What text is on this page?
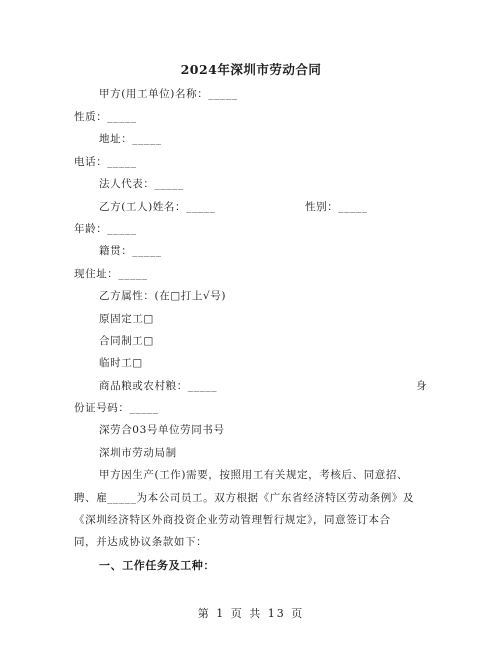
2024年深圳市劳动合同
甲方(用工单位)名称：_____
性质：_____
地址：_____
电话：_____
法人代表：_____
乙方(工人)姓名：_____	性别：_____
年龄：_____
籍贯：_____
现住址：_____
乙方属性：(在□打上√号)
原固定工□
合同制工□
临时工□
商品粮或农村粮：_____	身
份证号码：_____
深劳合03号单位劳同书号
深圳市劳动局制
甲方因生产(工作)需要，按照用工有关规定，考核后、同意招、
聘、雇_____为本公司员工。双方根据《广东省经济特区劳动条例》及
《深圳经济特区外商投资企业劳动管理暂行规定》，同意签订本合
同，并达成协议条款如下：
一、工作任务及工种：
第 1 页 共 13 页
